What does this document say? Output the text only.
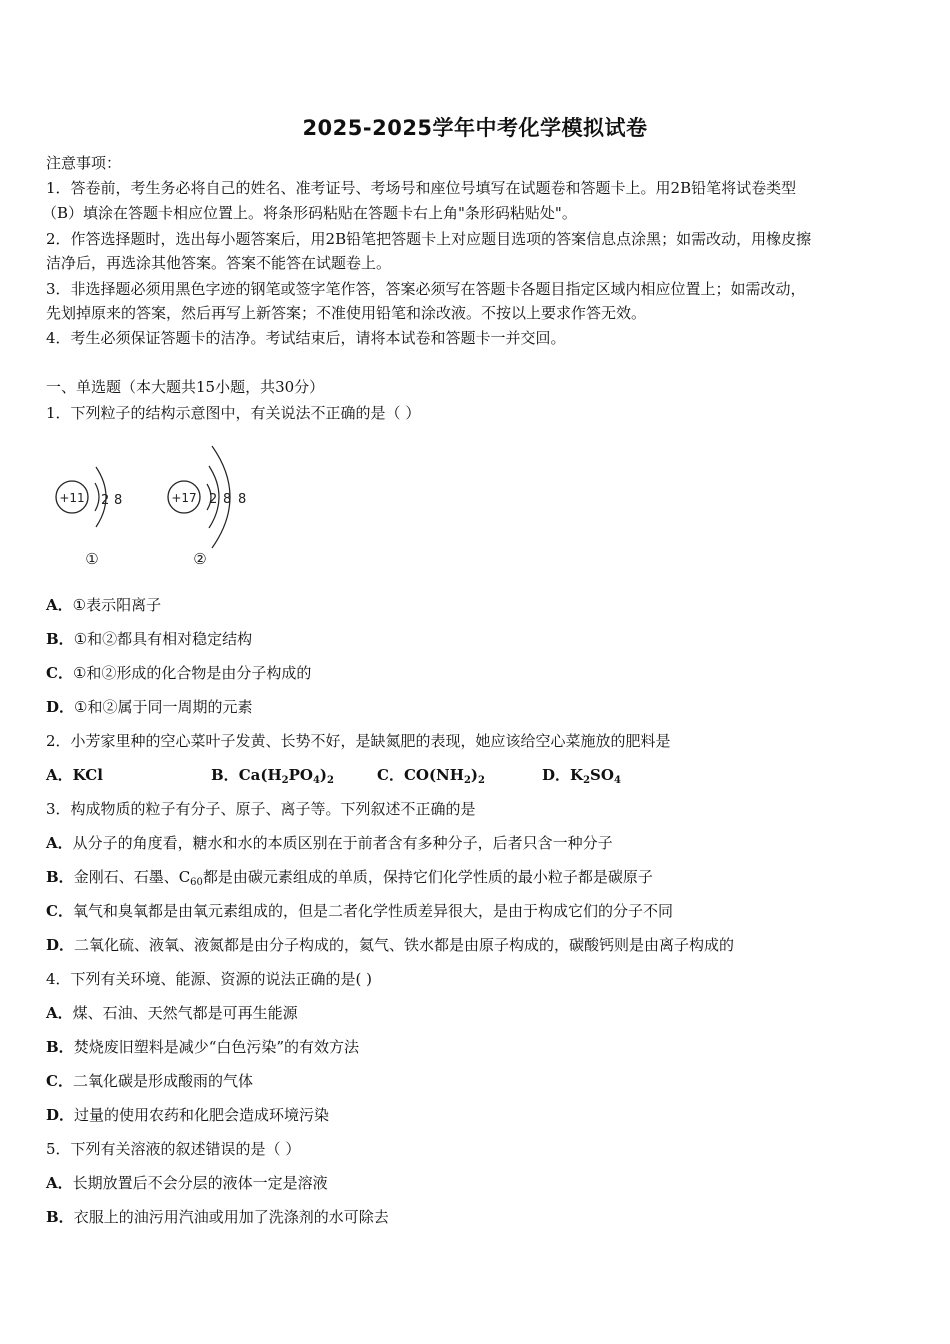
2025-2025学年中考化学模拟试卷
注意事项：
1．答卷前，考生务必将自己的姓名、准考证号、考场号和座位号填写在试题卷和答题卡上。用2B铅笔将试卷类型
（B）填涂在答题卡相应位置上。将条形码粘贴在答题卡右上角"条形码粘贴处"。
2．作答选择题时，选出每小题答案后，用2B铅笔把答题卡上对应题目选项的答案信息点涂黑；如需改动，用橡皮擦
洁净后，再选涂其他答案。答案不能答在试题卷上。
3．非选择题必须用黑色字迹的钢笔或签字笔作答，答案必须写在答题卡各题目指定区域内相应位置上；如需改动，
先划掉原来的答案，然后再写上新答案；不准使用铅笔和涂改液。不按以上要求作答无效。
4．考生必须保证答题卡的洁净。考试结束后，请将本试卷和答题卡一并交回。
一、单选题（本大题共15小题，共30分）
1．下列粒子的结构示意图中，有关说法不正确的是（ ）
+11 2 8
①
+17 2 8 8
②
A．①表示阳离子
B．①和②都具有相对稳定结构
C．①和②形成的化合物是由分子构成的
D．①和②属于同一周期的元素
2．小芳家里种的空心菜叶子发黄、长势不好，是缺氮肥的表现，她应该给空心菜施放的肥料是
A．KCl	B．$Ca(H_2PO_4)_2$	C．$CO(NH_2)_2$	D．$K_2SO_4$
3．构成物质的粒子有分子、原子、离子等。下列叙述不正确的是
A．从分子的角度看，糖水和水的本质区别在于前者含有多种分子，后者只含一种分子
B．金刚石、石墨、$C_{60}$都是由碳元素组成的单质，保持它们化学性质的最小粒子都是碳原子
C．氧气和臭氧都是由氧元素组成的，但是二者化学性质差异很大，是由于构成它们的分子不同
D．二氧化硫、液氧、液氮都是由分子构成的，氦气、铁水都是由原子构成的，碳酸钙则是由离子构成的
4．下列有关环境、能源、资源的说法正确的是( )
A．煤、石油、天然气都是可再生能源
B．焚烧废旧塑料是减少“白色污染”的有效方法
C．二氧化碳是形成酸雨的气体
D．过量的使用农药和化肥会造成环境污染
5．下列有关溶液的叙述错误的是（ ）
A．长期放置后不会分层的液体一定是溶液
B．衣服上的油污用汽油或用加了洗涤剂的水可除去
